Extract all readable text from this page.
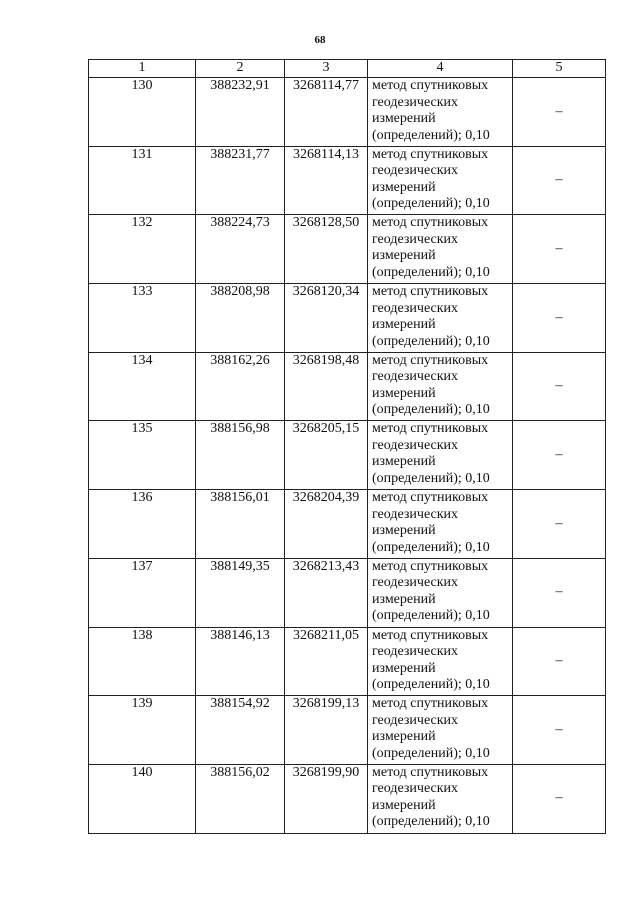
68
1	2	3	4	5
130	388232,91	3268114,77	метод спутниковых
геодезических
измерений
(определений); 0,10	–
131	388231,77	3268114,13	метод спутниковых
геодезических
измерений
(определений); 0,10	–
132	388224,73	3268128,50	метод спутниковых
геодезических
измерений
(определений); 0,10	–
133	388208,98	3268120,34	метод спутниковых
геодезических
измерений
(определений); 0,10	–
134	388162,26	3268198,48	метод спутниковых
геодезических
измерений
(определений); 0,10	–
135	388156,98	3268205,15	метод спутниковых
геодезических
измерений
(определений); 0,10	–
136	388156,01	3268204,39	метод спутниковых
геодезических
измерений
(определений); 0,10	–
137	388149,35	3268213,43	метод спутниковых
геодезических
измерений
(определений); 0,10	–
138	388146,13	3268211,05	метод спутниковых
геодезических
измерений
(определений); 0,10	–
139	388154,92	3268199,13	метод спутниковых
геодезических
измерений
(определений); 0,10	–
140	388156,02	3268199,90	метод спутниковых
геодезических
измерений
(определений); 0,10	–
